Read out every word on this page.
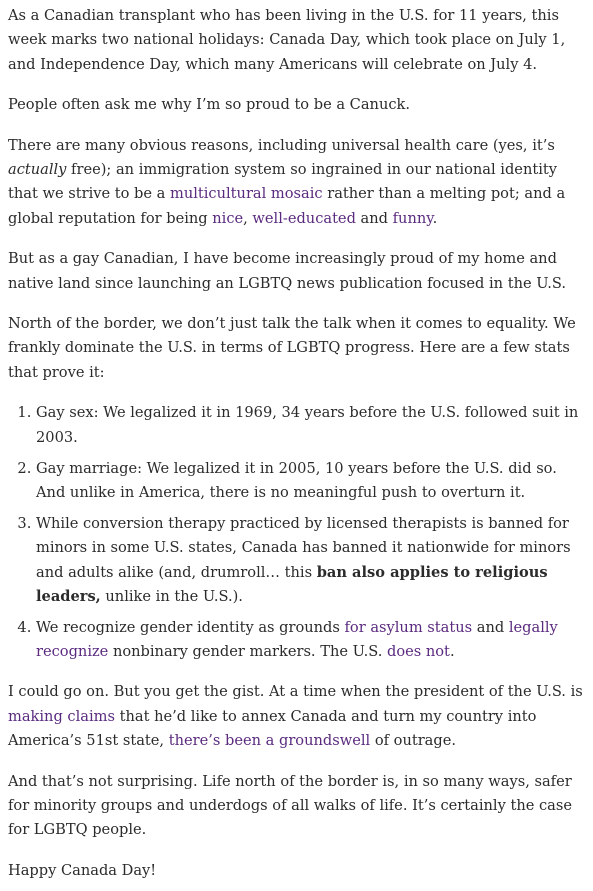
As a Canadian transplant who has been living in the U.S. for 11 years, this week marks two national holidays: Canada Day, which took place on July 1, and Independence Day, which many Americans will celebrate on July 4.

People often ask me why I’m so proud to be a Canuck.

There are many obvious reasons, including universal health care (yes, it’s actually free); an immigration system so ingrained in our national identity that we strive to be a multicultural mosaic rather than a melting pot; and a global reputation for being nice, well-educated and funny.

But as a gay Canadian, I have become increasingly proud of my home and native land since launching an LGBTQ news publication focused in the U.S.

North of the border, we don’t just talk the talk when it comes to equality. We frankly dominate the U.S. in terms of LGBTQ progress. Here are a few stats that prove it:

1. Gay sex: We legalized it in 1969, 34 years before the U.S. followed suit in 2003.
2. Gay marriage: We legalized it in 2005, 10 years before the U.S. did so. And unlike in America, there is no meaningful push to overturn it.
3. While conversion therapy practiced by licensed therapists is banned for minors in some U.S. states, Canada has banned it nationwide for minors and adults alike (and, drumroll… this ban also applies to religious leaders, unlike in the U.S.).
4. We recognize gender identity as grounds for asylum status and legally recognize nonbinary gender markers. The U.S. does not.

I could go on. But you get the gist. At a time when the president of the U.S. is making claims that he’d like to annex Canada and turn my country into America’s 51st state, there’s been a groundswell of outrage.

And that’s not surprising. Life north of the border is, in so many ways, safer for minority groups and underdogs of all walks of life. It’s certainly the case for LGBTQ people.

Happy Canada Day!
